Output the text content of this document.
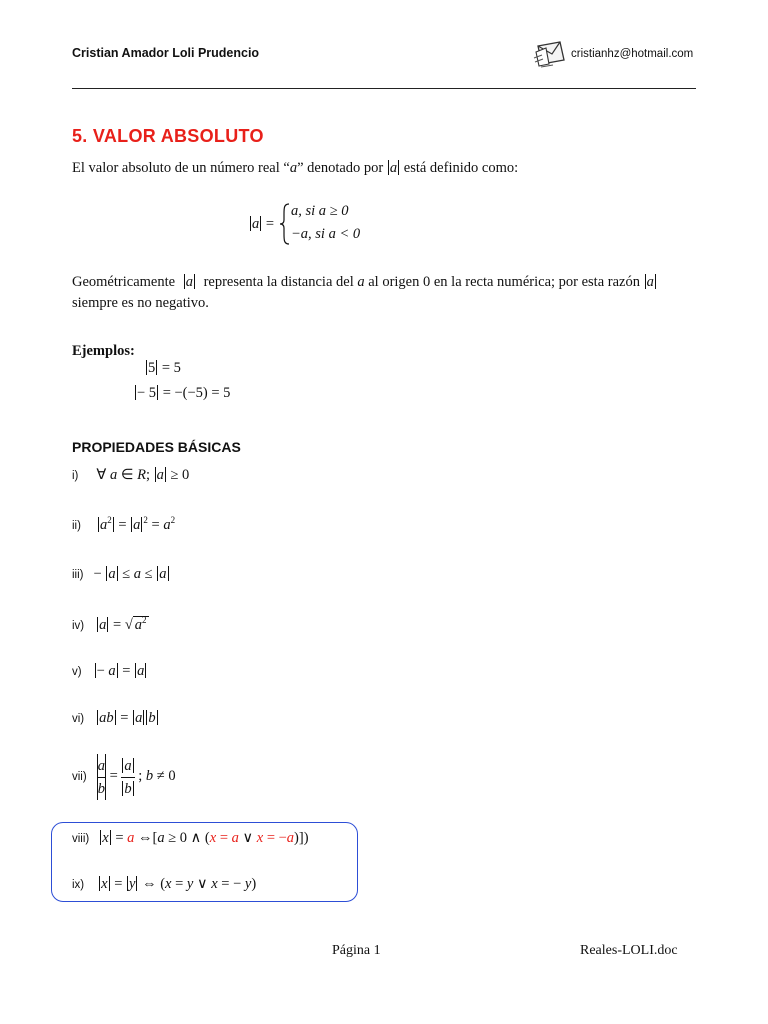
Cristian Amador Loli Prudencio	cristianhz@hotmail.com
5. VALOR ABSOLUTO
El valor absoluto de un número real “a” denotado por a está definido como:
a =
a, si a ≥ 0
−a, si a < 0
Geométricamente a representa la distancia del a al origen 0 en la recta numérica; por esta razón a
siempre es no negativo.
Ejemplos:
5 = 5
− 5 = −(−5) = 5
PROPIEDADES BÁSICAS
i) ∀ a ∈ R; a ≥ 0
ii) $a^2 = a$ $^2 = a^2$
iii) − a ≤ a ≤ a
iv) a = √ $a^2$
v) − a = a
vi) ab = a b
$vii) \frac{a}{b} = \frac{a}{b}$ ; b ≠ 0
viii) x = a ⇔[a ≥ 0 ∧ (x = a ∨ x = −a)])
ix) x = y ⇔ (x = y ∨ x = − y)
Página 1	Reales-LOLI.doc
